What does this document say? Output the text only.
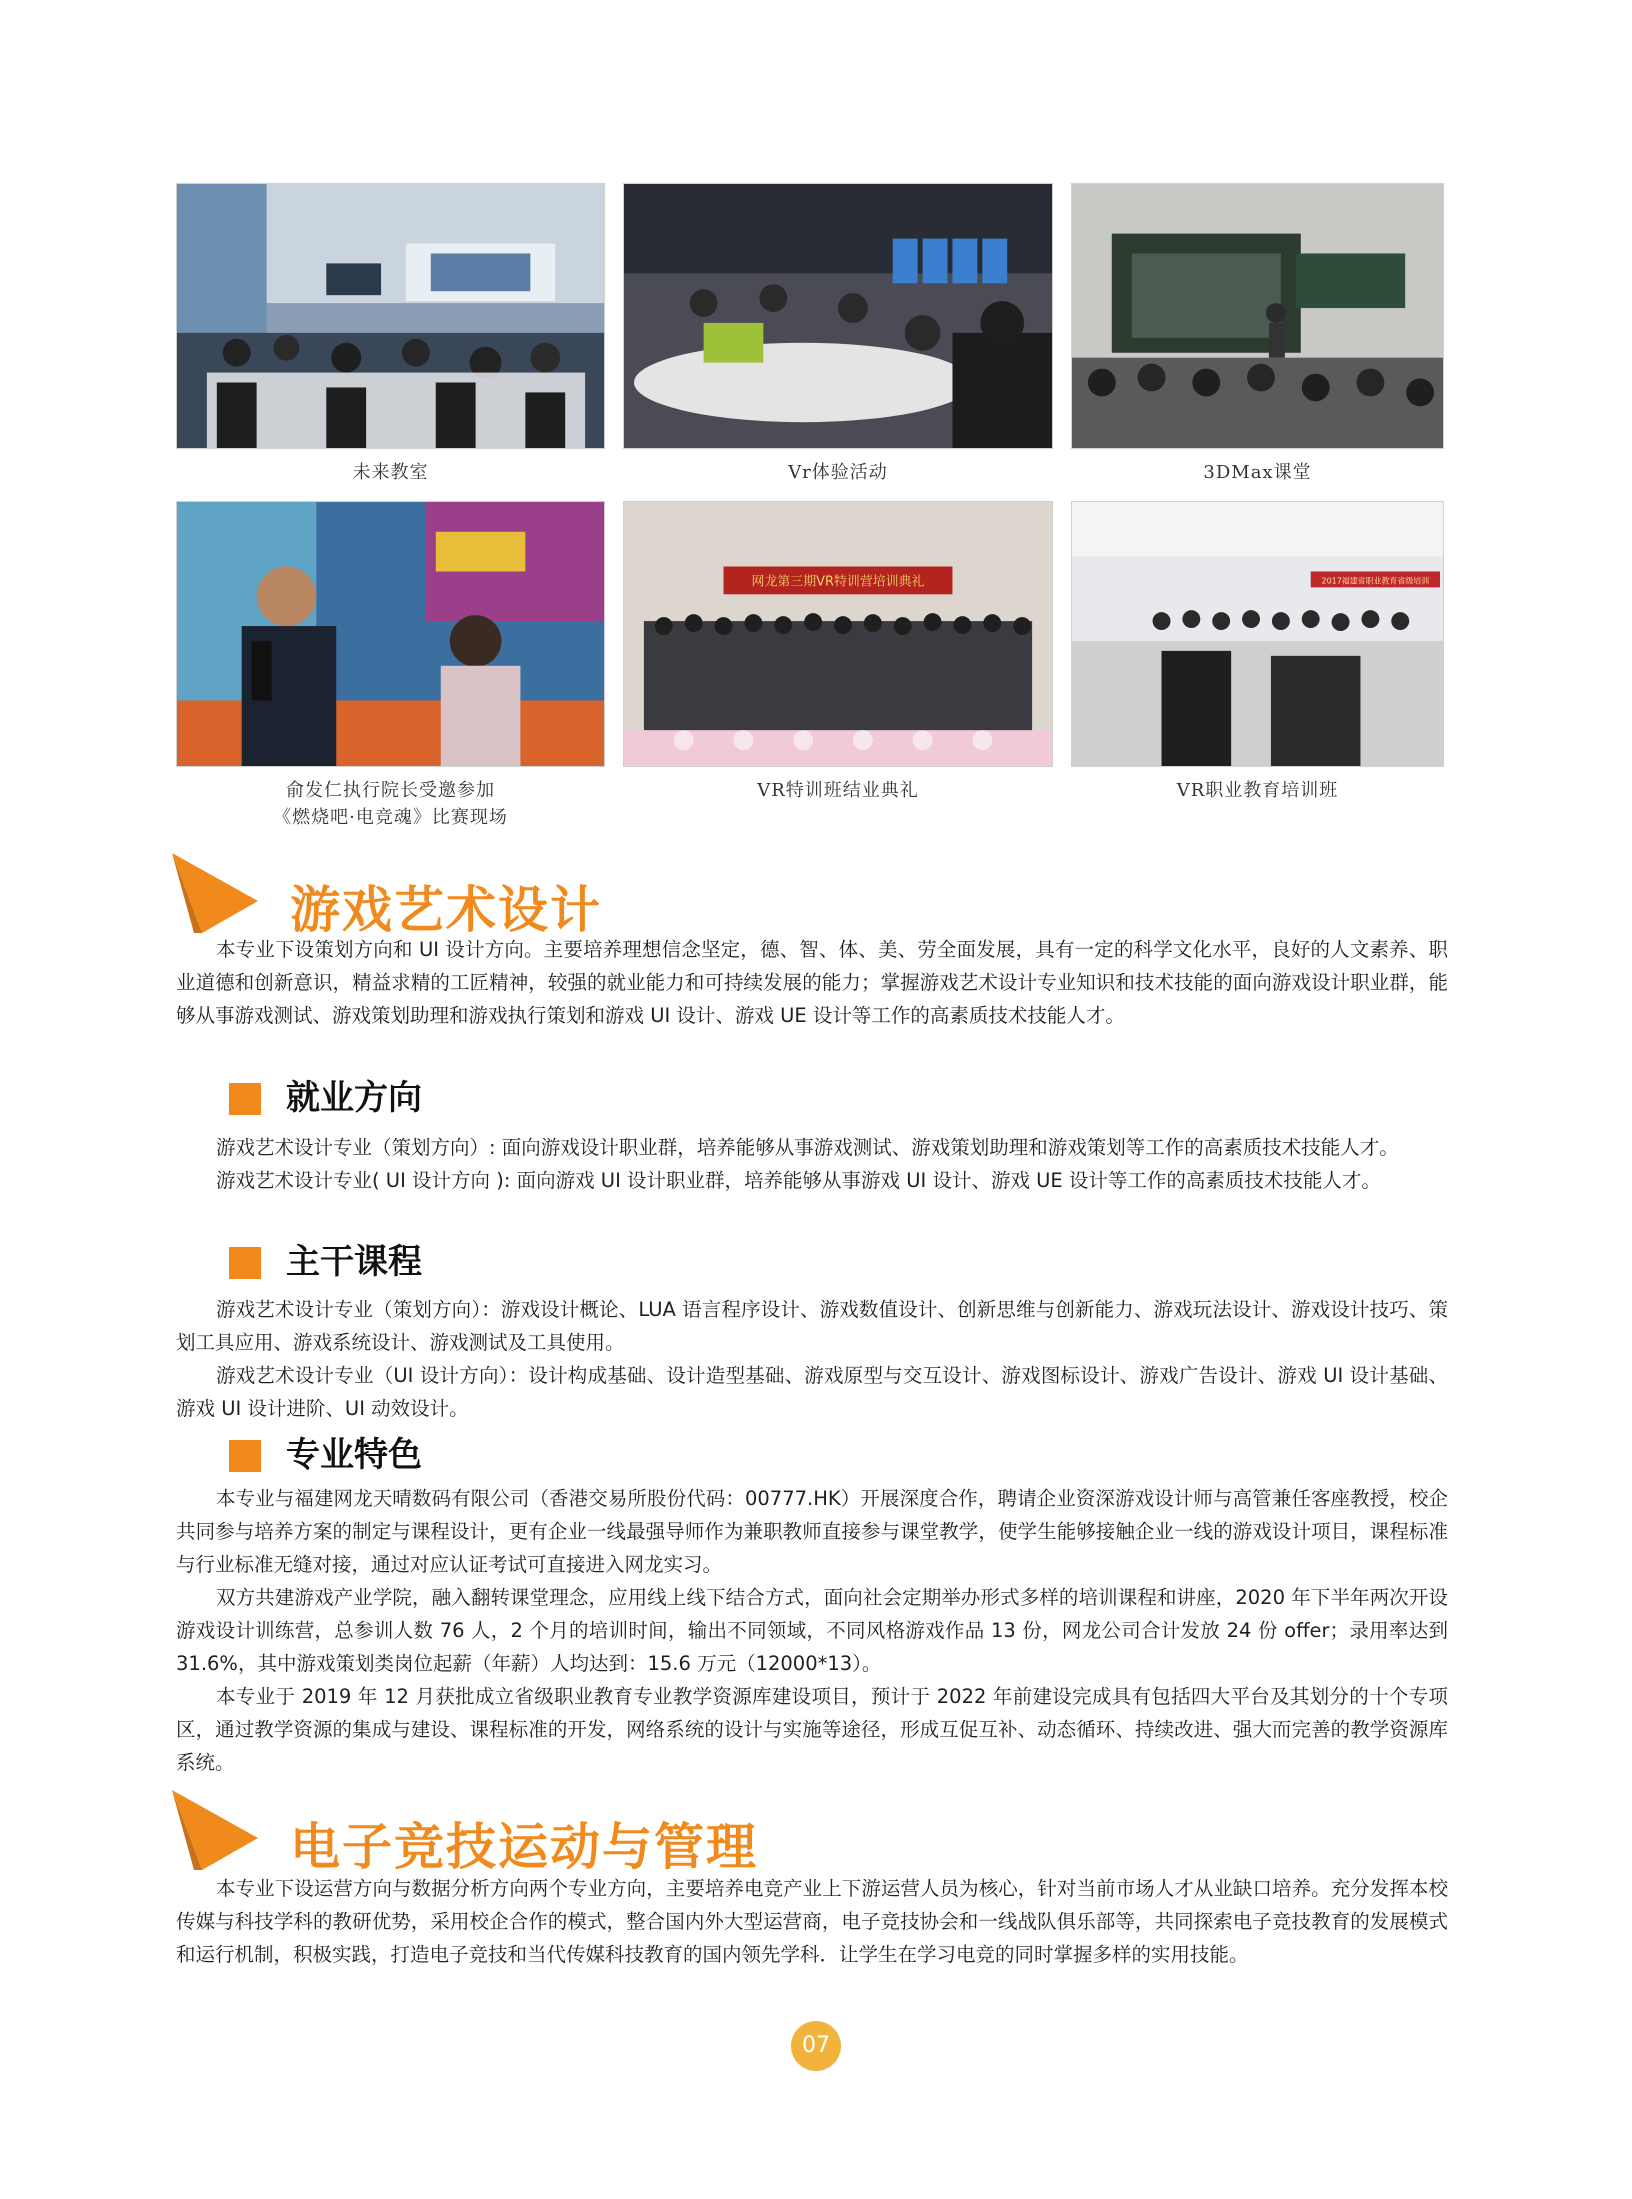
未来教室	Vr体验活动	3DMax课堂
网龙第三期VR特训营培训典礼	2017福建省职业教育省级培训
俞发仁执行院长受邀参加
《燃烧吧·电竞魂》比赛现场
VR特训班结业典礼	VR职业教育培训班
游戏艺术设计

本专业下设策划方向和 UI 设计方向。主要培养理想信念坚定，德、智、体、美、劳全面发展，具有一定的科学文化水平，良好的人文素养、职业道德和创新意识，精益求精的工匠精神，较强的就业能力和可持续发展的能力；掌握游戏艺术设计专业知识和技术技能的面向游戏设计职业群，能够从事游戏测试、游戏策划助理和游戏执行策划和游戏 UI 设计、游戏 UE 设计等工作的高素质技术技能人才。

就业方向

游戏艺术设计专业（策划方向）: 面向游戏设计职业群，培养能够从事游戏测试、游戏策划助理和游戏策划等工作的高素质技术技能人才。

游戏艺术设计专业( UI 设计方向 ): 面向游戏 UI 设计职业群，培养能够从事游戏 UI 设计、游戏 UE 设计等工作的高素质技术技能人才。

主干课程

游戏艺术设计专业（策划方向）：游戏设计概论、LUA 语言程序设计、游戏数值设计、创新思维与创新能力、游戏玩法设计、游戏设计技巧、策划工具应用、游戏系统设计、游戏测试及工具使用。

游戏艺术设计专业（UI 设计方向）：设计构成基础、设计造型基础、游戏原型与交互设计、游戏图标设计、游戏广告设计、游戏 UI 设计基础、游戏 UI 设计进阶、UI 动效设计。

专业特色

本专业与福建网龙天晴数码有限公司（香港交易所股份代码：00777.HK）开展深度合作，聘请企业资深游戏设计师与高管兼任客座教授，校企共同参与培养方案的制定与课程设计，更有企业一线最强导师作为兼职教师直接参与课堂教学，使学生能够接触企业一线的游戏设计项目，课程标准与行业标准无缝对接，通过对应认证考试可直接进入网龙实习。

双方共建游戏产业学院，融入翻转课堂理念，应用线上线下结合方式，面向社会定期举办形式多样的培训课程和讲座，2020 年下半年两次开设游戏设计训练营，总参训人数 76 人，2 个月的培训时间，输出不同领域，不同风格游戏作品 13 份，网龙公司合计发放 24 份 offer；录用率达到 31.6%，其中游戏策划类岗位起薪（年薪）人均达到：15.6 万元（12000*13）。

本专业于 2019 年 12 月获批成立省级职业教育专业教学资源库建设项目，预计于 2022 年前建设完成具有包括四大平台及其划分的十个专项区，通过教学资源的集成与建设、课程标准的开发，网络系统的设计与实施等途径，形成互促互补、动态循环、持续改进、强大而完善的教学资源库系统。

电子竞技运动与管理

本专业下设运营方向与数据分析方向两个专业方向，主要培养电竞产业上下游运营人员为核心，针对当前市场人才从业缺口培养。充分发挥本校传媒与科技学科的教研优势，采用校企合作的模式，整合国内外大型运营商，电子竞技协会和一线战队俱乐部等，共同探索电子竞技教育的发展模式和运行机制，积极实践，打造电子竞技和当代传媒科技教育的国内领先学科．让学生在学习电竞的同时掌握多样的实用技能。

07
